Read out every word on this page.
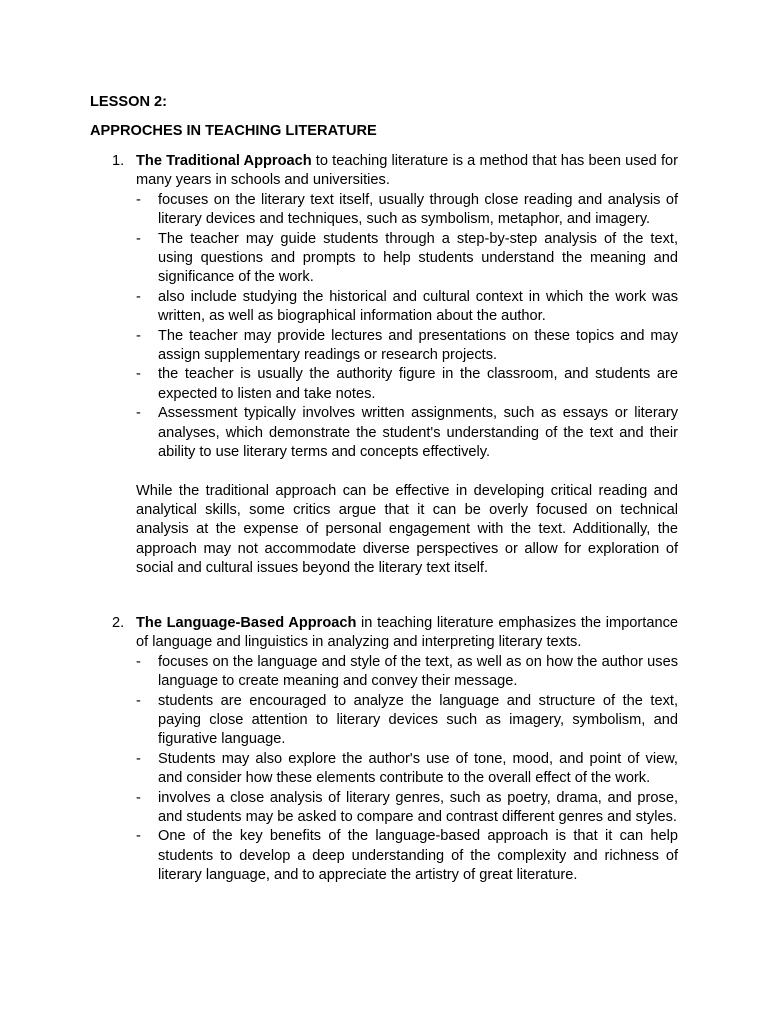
LESSON 2:
APPROCHES IN TEACHING LITERATURE
1. The Traditional Approach to teaching literature is a method that has been used for many years in schools and universities.
- focuses on the literary text itself, usually through close reading and analysis of literary devices and techniques, such as symbolism, metaphor, and imagery.
- The teacher may guide students through a step-by-step analysis of the text, using questions and prompts to help students understand the meaning and significance of the work.
- also include studying the historical and cultural context in which the work was written, as well as biographical information about the author.
- The teacher may provide lectures and presentations on these topics and may assign supplementary readings or research projects.
- the teacher is usually the authority figure in the classroom, and students are expected to listen and take notes.
- Assessment typically involves written assignments, such as essays or literary analyses, which demonstrate the student's understanding of the text and their ability to use literary terms and concepts effectively.
While the traditional approach can be effective in developing critical reading and analytical skills, some critics argue that it can be overly focused on technical analysis at the expense of personal engagement with the text. Additionally, the approach may not accommodate diverse perspectives or allow for exploration of social and cultural issues beyond the literary text itself.
2. The Language-Based Approach in teaching literature emphasizes the importance of language and linguistics in analyzing and interpreting literary texts.
- focuses on the language and style of the text, as well as on how the author uses language to create meaning and convey their message.
- students are encouraged to analyze the language and structure of the text, paying close attention to literary devices such as imagery, symbolism, and figurative language.
- Students may also explore the author's use of tone, mood, and point of view, and consider how these elements contribute to the overall effect of the work.
- involves a close analysis of literary genres, such as poetry, drama, and prose, and students may be asked to compare and contrast different genres and styles.
- One of the key benefits of the language-based approach is that it can help students to develop a deep understanding of the complexity and richness of literary language, and to appreciate the artistry of great literature.
